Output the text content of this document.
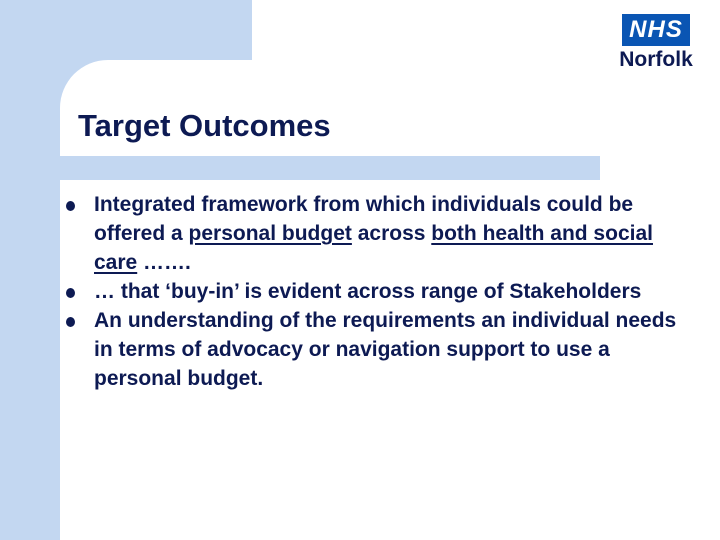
NHS
Norfolk
Target Outcomes
Integrated framework from which individuals could be offered a personal budget across both health and social care …….
… that ‘buy-in’ is evident across range of Stakeholders
An understanding of the requirements an individual needs in terms of advocacy or navigation support to use a personal budget.
